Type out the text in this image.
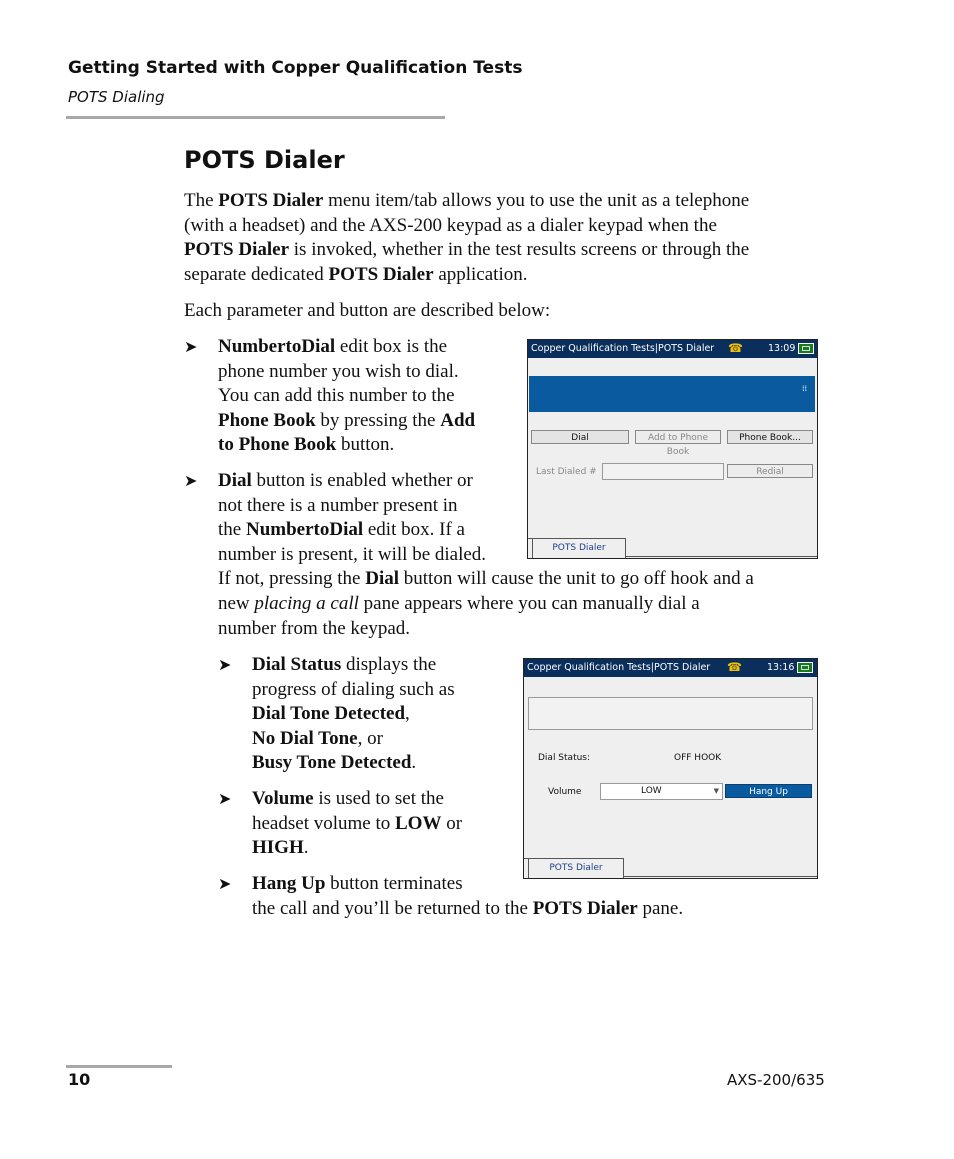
Getting Started with Copper Qualification Tests
POTS Dialing
POTS Dialer
The POTS Dialer menu item/tab allows you to use the unit as a telephone
(with a headset) and the AXS-200 keypad as a dialer keypad when the
POTS Dialer is invoked, whether in the test results screens or through the
separate dedicated POTS Dialer application.
Each parameter and button are described below:
➤ NumbertoDial edit box is the
phone number you wish to dial.
You can add this number to the
Phone Book by pressing the Add
to Phone Book button.
➤ Dial button is enabled whether or
not there is a number present in
the NumbertoDial edit box. If a
number is present, it will be dialed.
If not, pressing the Dial button will cause the unit to go off hook and a
new placing a call pane appears where you can manually dial a
number from the keypad.
➤ Dial Status displays the
progress of dialing such as
Dial Tone Detected,
No Dial Tone, or
Busy Tone Detected.
➤ Volume is used to set the
headset volume to LOW or
HIGH.
➤ Hang Up button terminates
the call and you’ll be returned to the POTS Dialer pane.
Copper Qualification Tests|POTS Dialer ☎	13:09
⁞⁞
Dial	Add to Phone Book
Phone Book...
Last Dialed #	Redial
POTS Dialer
Copper Qualification Tests|POTS Dialer ☎	13:16
Dial Status:	OFF HOOK
Volume	LOW	▼	Hang Up
POTS Dialer
10	AXS-200/635
